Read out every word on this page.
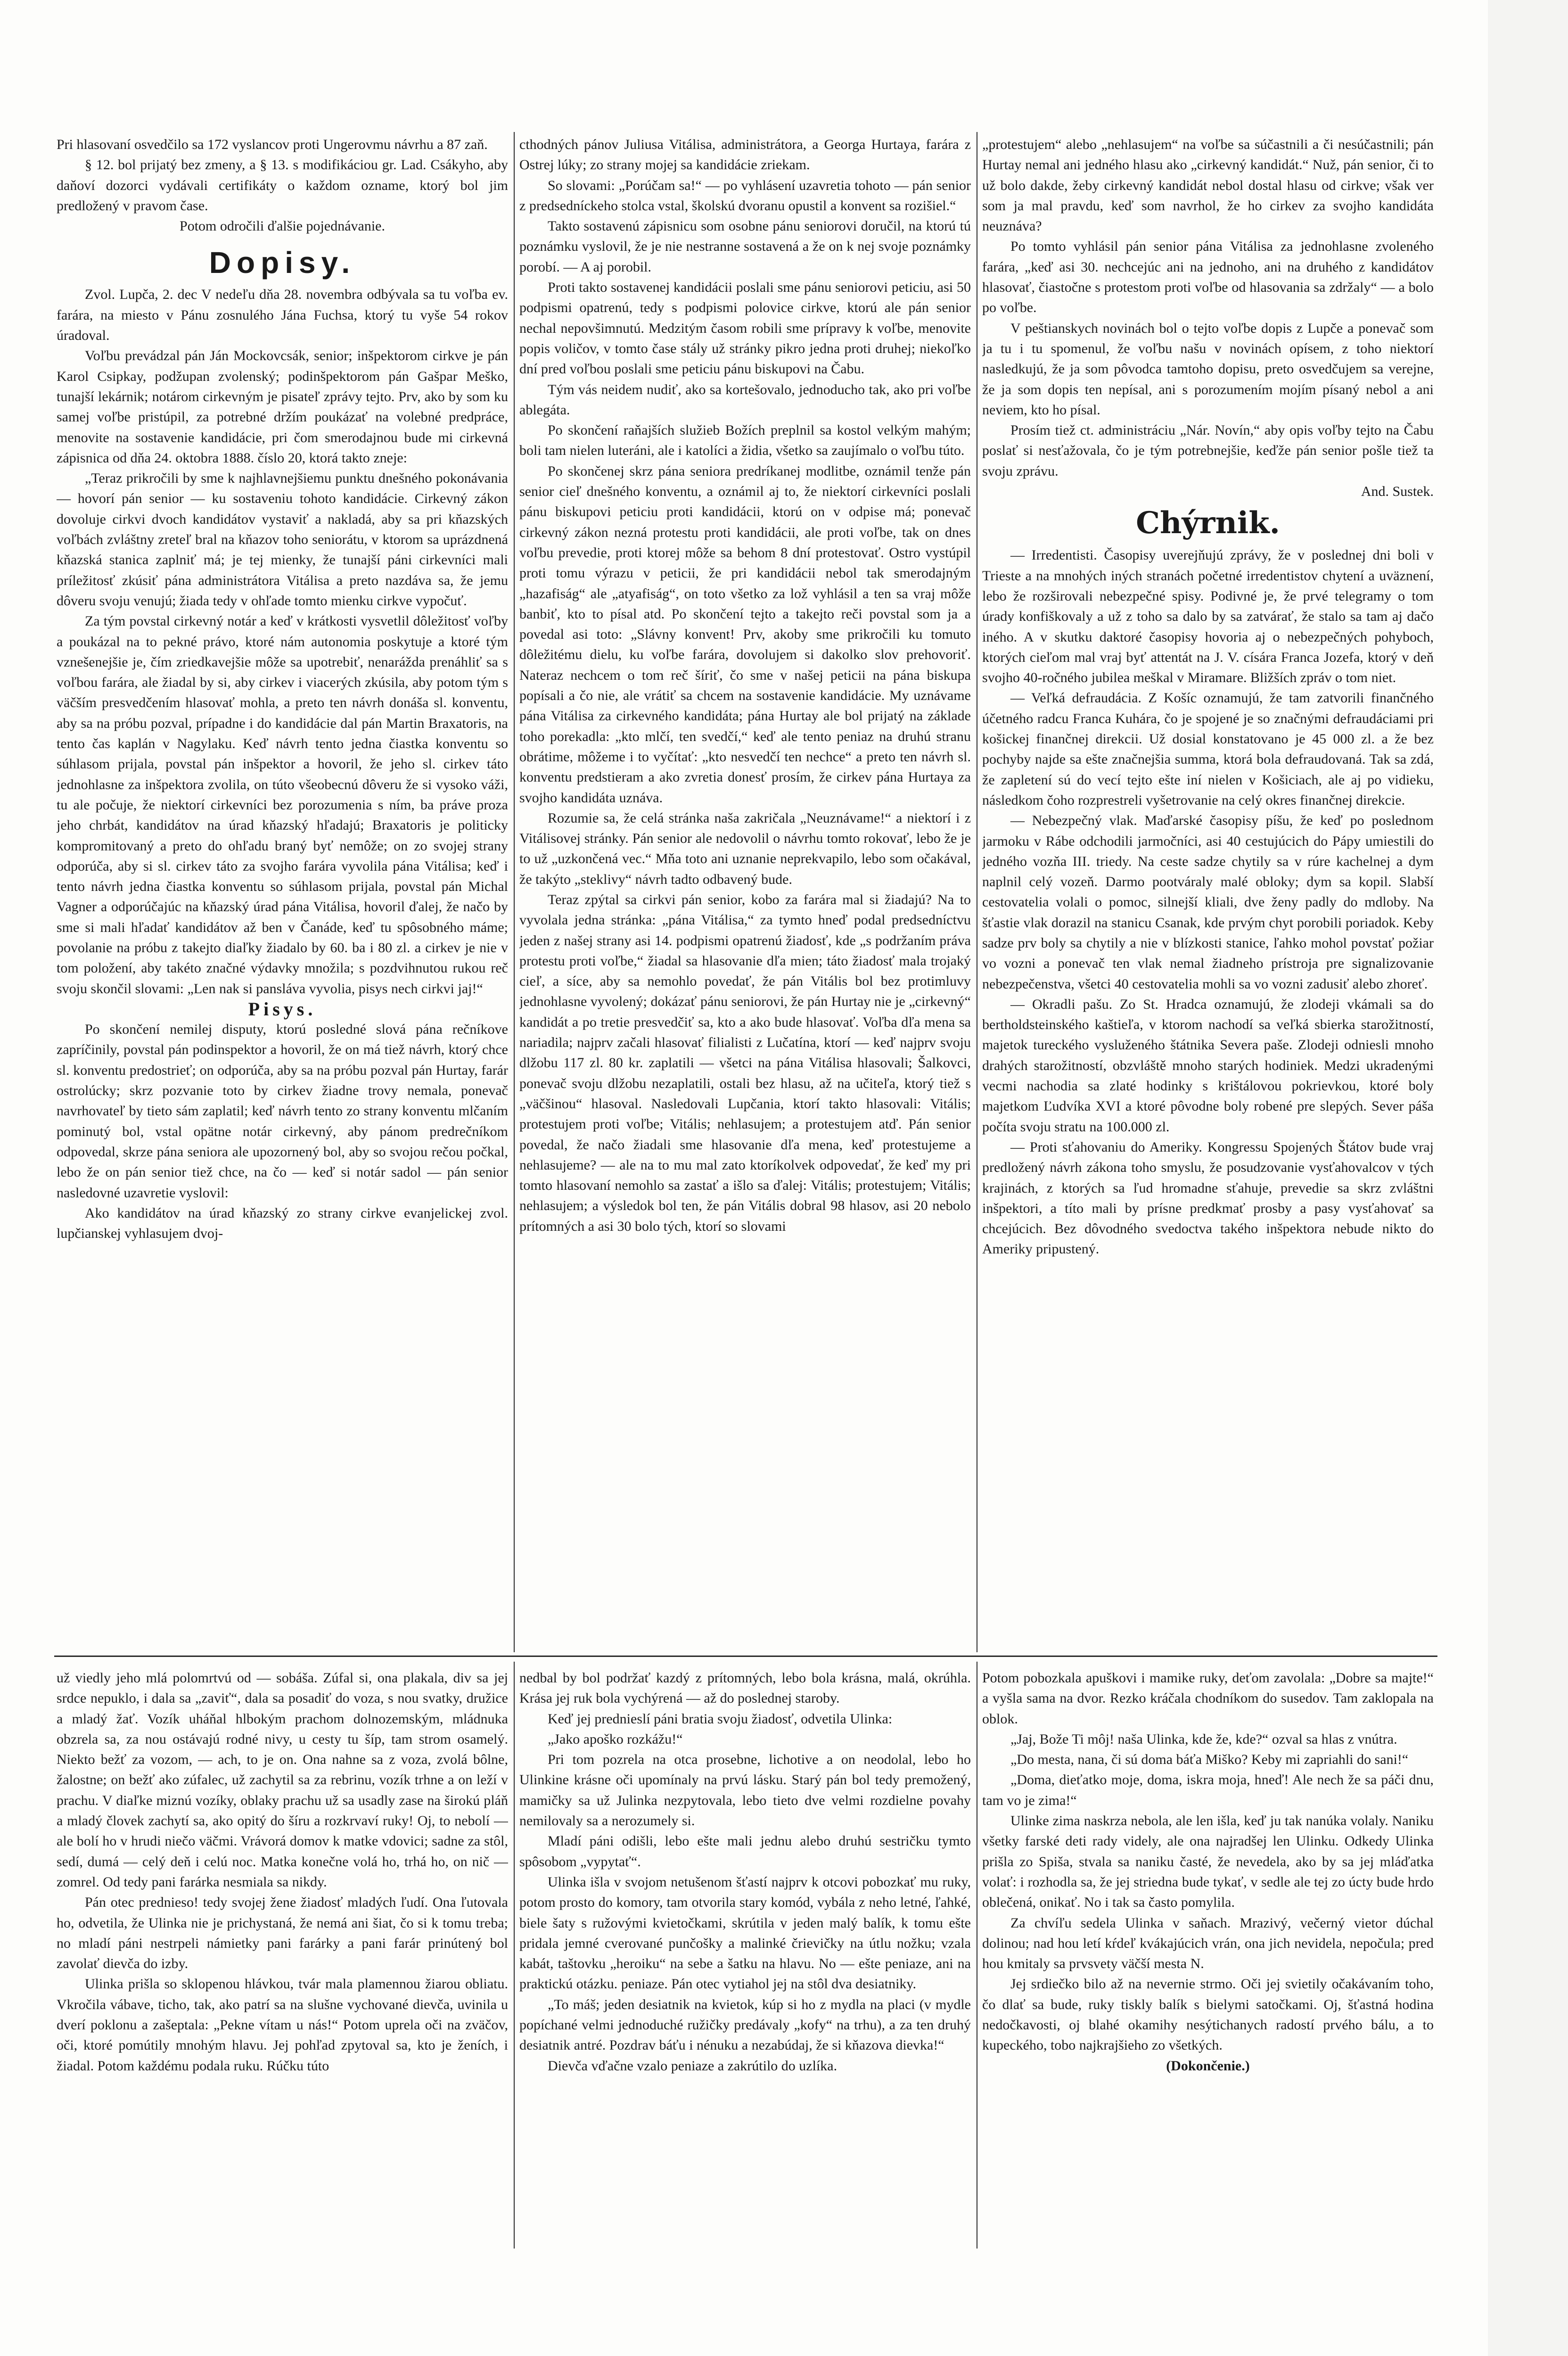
Pri hlasovaní osvedčilo sa 172 vyslancov proti Ungerovmu návrhu a 87 zaň.

§ 12. bol prijatý bez zmeny, a § 13. s modifikáciou gr. Lad. Csákyho, aby daňoví dozorci vydávali certifikáty o každom ozname, ktorý bol jim predložený v pravom čase.

Potom odročili ďalšie pojednávanie.

Dopisy.

Zvol. Lupča, 2. dec V nedeľu dňa 28. novembra odbývala sa tu voľba ev. farára, na miesto v Pánu zosnulého Jána Fuchsa, ktorý tu vyše 54 rokov úradoval.

Voľbu prevádzal pán Ján Mockovcsák, senior; inšpektorom cirkve je pán Karol Csipkay, podžupan zvolenský; podinšpektorom pán Gašpar Meško, tunajší lekárnik; notárom cirkevným je pisateľ zprávy tejto. Prv, ako by som ku samej voľbe pristúpil, za potrebné držím poukázať na volebné predpráce, menovite na sostavenie kandidácie, pri čom smerodajnou bude mi cirkevná zápisnica od dňa 24. oktobra 1888. číslo 20, ktorá takto zneje:

„Teraz prikročili by sme k najhlavnejšiemu punktu dnešného pokonávania — hovorí pán senior — ku sostaveniu tohoto kandidácie. Cirkevný zákon dovoluje cirkvi dvoch kandidátov vystaviť a nakladá, aby sa pri kňazských voľbách zvláštny zreteľ bral na kňazov toho seniorátu, v ktorom sa uprázdnená kňazská stanica zaplniť má; je tej mienky, že tunajší páni cirkevníci mali príležitosť zkúsiť pána administrátora Vitálisa a preto nazdáva sa, že jemu dôveru svoju venujú; žiada tedy v ohľade tomto mienku cirkve vypočuť.

Za tým povstal cirkevný notár a keď v krátkosti vysvetlil dôležitosť voľby a poukázal na to pekné právo, ktoré nám autonomia poskytuje a ktoré tým vznešenejšie je, čím zriedkavejšie môže sa upotrebiť, nenarážda prenáhliť sa s voľbou farára, ale žiadal by si, aby cirkev i viacerých zkúsila, aby potom tým s väčším presvedčením hlasovať mohla, a preto ten návrh donáša sl. konventu, aby sa na próbu pozval, prípadne i do kandidácie dal pán Martin Braxatoris, na tento čas kaplán v Nagylaku. Keď návrh tento jedna čiastka konventu so súhlasom prijala, povstal pán inšpektor a hovoril, že jeho sl. cirkev táto jednohlasne za inšpektora zvolila, on túto všeobecnú dôveru že si vysoko váži, tu ale počuje, že niektorí cirkevníci bez porozumenia s ním, ba práve proza jeho chrbát, kandidátov na úrad kňazský hľadajú; Braxatoris je politicky kompromitovaný a preto do ohľadu braný byť nemôže; on zo svojej strany odporúča, aby si sl. cirkev táto za svojho farára vyvolila pána Vitálisa; keď i tento návrh jedna čiastka konventu so súhlasom prijala, povstal pán Michal Vagner a odporúčajúc na kňazský úrad pána Vitálisa, hovoril ďalej, že načo by sme si mali hľadať kandidátov až ben v Čanáde, keď tu spôsobného máme; povolanie na próbu z takejto diaľky žiadalo by 60. ba i 80 zl. a cirkev je nie v tom položení, aby takéto značné výdavky množila; s pozdvihnutou rukou reč svoju skončil slovami: „Len nak si pansláva vyvolia, pisys nech cirkvi jaj!“

Pisys.

Po skončení nemilej disputy, ktorú posledné slová pána rečníkove zapríčinily, povstal pán podinspektor a hovoril, že on má tiež návrh, ktorý chce sl. konventu predostrieť; on odporúča, aby sa na próbu pozval pán Hurtay, farár ostrolúcky; skrz pozvanie toto by cirkev žiadne trovy nemala, ponevač navrhovateľ by tieto sám zaplatil; keď návrh tento zo strany konventu mlčaním pominutý bol, vstal opätne notár cirkevný, aby pánom predrečníkom odpovedal, skrze pána seniora ale upozornený bol, aby so svojou rečou počkal, lebo že on pán senior tiež chce, na čo — keď si notár sadol — pán senior nasledovné uzavretie vyslovil:

Ako kandidátov na úrad kňazský zo strany cirkve evanjelickej zvol. lupčianskej vyhlasujem dvoj-

cthodných pánov Juliusa Vitálisa, administrátora, a Georga Hurtaya, farára z Ostrej lúky; zo strany mojej sa kandidácie zriekam.

So slovami: „Porúčam sa!“ — po vyhlásení uzavretia tohoto — pán senior z predsedníckeho stolca vstal, školskú dvoranu opustil a konvent sa rozišiel.“

Takto sostavenú zápisnicu som osobne pánu seniorovi doručil, na ktorú tú poznámku vyslovil, že je nie nestranne sostavená a že on k nej svoje poznámky porobí. — A aj porobil.

Proti takto sostavenej kandidácii poslali sme pánu seniorovi peticiu, asi 50 podpismi opatrenú, tedy s podpismi polovice cirkve, ktorú ale pán senior nechal nepovšimnutú. Medzitým časom robili sme prípravy k voľbe, menovite popis voličov, v tomto čase stály už stránky pikro jedna proti druhej; niekoľko dní pred voľbou poslali sme peticiu pánu biskupovi na Čabu.

Tým vás neidem nudiť, ako sa kortešovalo, jednoducho tak, ako pri voľbe ablegáta.

Po skončení raňajších služieb Božích preplnil sa kostol velkým mahým; boli tam nielen luteráni, ale i katolíci a židia, všetko sa zaujímalo o voľbu túto.

Po skončenej skrz pána seniora predríkanej modlitbe, oznámil tenže pán senior cieľ dnešného konventu, a oznámil aj to, že niektorí cirkevníci poslali pánu biskupovi peticiu proti kandidácii, ktorú on v odpise má; ponevač cirkevný zákon nezná protestu proti kandidácii, ale proti voľbe, tak on dnes voľbu prevedie, proti ktorej môže sa behom 8 dní protestovať. Ostro vystúpil proti tomu výrazu v peticii, že pri kandidácii nebol tak smerodajným „hazafiság“ ale „atyafiság“, on toto všetko za lož vyhlásil a ten sa vraj môže banbiť, kto to písal atd. Po skončení tejto a takejto reči povstal som ja a povedal asi toto: „Slávny konvent! Prv, akoby sme prikročili ku tomuto dôležitému dielu, ku voľbe farára, dovolujem si dakolko slov prehovoriť. Nateraz nechcem o tom reč šíriť, čo sme v našej peticii na pána biskupa popísali a čo nie, ale vrátiť sa chcem na sostavenie kandidácie. My uznávame pána Vitálisa za cirkevného kandidáta; pána Hurtay ale bol prijatý na základe toho porekadla: „kto mlčí, ten svedčí,“ keď ale tento peniaz na druhú stranu obrátime, môžeme i to vyčítať: „kto nesvedčí ten nechce“ a preto ten návrh sl. konventu predstieram a ako zvretia donesť prosím, že cirkev pána Hurtaya za svojho kandidáta uznáva.

Rozumie sa, že celá stránka naša zakričala „Neuznávame!“ a niektorí i z Vitálisovej stránky. Pán senior ale nedovolil o návrhu tomto rokovať, lebo že je to už „uzkončená vec.“ Mňa toto ani uznanie neprekvapilo, lebo som očakával, že takýto „steklivy“ návrh tadto odbavený bude.

Teraz zpýtal sa cirkvi pán senior, kobo za farára mal si žiadajú? Na to vyvolala jedna stránka: „pána Vitálisa,“ za tymto hneď podal predsedníctvu jeden z našej strany asi 14. podpismi opatrenú žiadosť, kde „s podržaním práva protestu proti voľbe,“ žiadal sa hlasovanie dľa mien; táto žiadosť mala trojaký cieľ, a síce, aby sa nemohlo povedať, že pán Vitális bol bez protimluvy jednohlasne vyvolený; dokázať pánu seniorovi, že pán Hurtay nie je „cirkevný“ kandidát a po tretie presvedčiť sa, kto a ako bude hlasovať. Voľba dľa mena sa nariadila; najprv začali hlasovať filialisti z Lučatína, ktorí — keď najprv svoju dlžobu 117 zl. 80 kr. zaplatili — všetci na pána Vitálisa hlasovali; Šalkovci, ponevač svoju dlžobu nezaplatili, ostali bez hlasu, až na učiteľa, ktorý tiež s „väčšinou“ hlasoval. Nasledovali Lupčania, ktorí takto hlasovali: Vitális; protestujem proti voľbe; Vitális; nehlasujem; a protestujem atď. Pán senior povedal, že načo žiadali sme hlasovanie dľa mena, keď protestujeme a nehlasujeme? — ale na to mu mal zato ktoríkolvek odpovedať, že keď my pri tomto hlasovaní nemohlo sa zastať a išlo sa ďalej: Vitális; protestujem; Vitális; nehlasujem; a výsledok bol ten, že pán Vitális dobral 98 hlasov, asi 20 nebolo prítomných a asi 30 bolo tých, ktorí so slovami

„protestujem“ alebo „nehlasujem“ na voľbe sa súčastnili a či nesúčastnili; pán Hurtay nemal ani jedného hlasu ako „cirkevný kandidát.“ Nuž, pán senior, či to už bolo dakde, žeby cirkevný kandidát nebol dostal hlasu od cirkve; však ver som ja mal pravdu, keď som navrhol, že ho cirkev za svojho kandidáta neuznáva?

Po tomto vyhlásil pán senior pána Vitálisa za jednohlasne zvoleného farára, „keď asi 30. nechcejúc ani na jednoho, ani na druhého z kandidátov hlasovať, čiastočne s protestom proti voľbe od hlasovania sa zdržaly“ — a bolo po voľbe.

V peštianskych novinách bol o tejto voľbe dopis z Lupče a ponevač som ja tu i tu spomenul, že voľbu našu v novinách opísem, z toho niektorí nasledkujú, že ja som pôvodca tamtoho dopisu, preto osvedčujem sa verejne, že ja som dopis ten nepísal, ani s porozumením mojím písaný nebol a ani neviem, kto ho písal.

Prosím tiež ct. administráciu „Nár. Novín,“ aby opis voľby tejto na Čabu poslať si nesťažovala, čo je tým potrebnejšie, keďže pán senior pošle tiež ta svoju zprávu.

And. Sustek.

Chýrnik.

— Irredentisti. Časopisy uverejňujú zprávy, že v poslednej dni boli v Trieste a na mnohých iných stranách početné irredentistov chytení a uväznení, lebo že rozširovali nebezpečné spisy. Podivné je, že prvé telegramy o tom úrady konfiškovaly a už z toho sa dalo by sa zatvárať, že stalo sa tam aj dačo iného. A v skutku daktoré časopisy hovoria aj o nebezpečných pohyboch, ktorých cieľom mal vraj byť attentát na J. V. císára Franca Jozefa, ktorý v deň svojho 40-ročného jubilea meškal v Miramare. Bližších zpráv o tom niet.

— Veľká defraudácia. Z Košíc oznamujú, že tam zatvorili finančného účetného radcu Franca Kuhára, čo je spojené je so značnými defraudáciami pri košickej finančnej direkcii. Už dosial konstatovano je 45 000 zl. a že bez pochyby najde sa ešte značnejšia summa, ktorá bola defraudovaná. Tak sa zdá, že zapletení sú do vecí tejto ešte iní nielen v Košiciach, ale aj po vidieku, následkom čoho rozprestreli vyšetrovanie na celý okres finančnej direkcie.

— Nebezpečný vlak. Maďarské časopisy píšu, že keď po poslednom jarmoku v Rábe odchodili jarmočníci, asi 40 cestujúcich do Pápy umiestili do jedného vozňa III. triedy. Na ceste sadze chytily sa v rúre kachelnej a dym naplnil celý vozeň. Darmo pootváraly malé obloky; dym sa kopil. Slabší cestovatelia volali o pomoc, silnejší kliali, dve ženy padly do mdloby. Na šťastie vlak dorazil na stanicu Csanak, kde prvým chyt porobili poriadok. Keby sadze prv boly sa chytily a nie v blízkosti stanice, ľahko mohol povstať požiar vo vozni a ponevač ten vlak nemal žiadneho prístroja pre signalizovanie nebezpečenstva, všetci 40 cestovatelia mohli sa vo vozni zadusiť alebo zhoreť.

— Okradli pašu. Zo St. Hradca oznamujú, že zlodeji vkámali sa do bertholdsteinského kaštieľa, v ktorom nachodí sa veľká sbierka starožitností, majetok tureckého vysluženého štátnika Severa paše. Zlodeji odniesli mnoho drahých starožitností, obzvláště mnoho starých hodiniek. Medzi ukradenými vecmi nachodia sa zlaté hodinky s krištálovou pokrievkou, ktoré boly majetkom Ľudvíka XVI a ktoré pôvodne boly robené pre slepých. Sever páša počíta svoju stratu na 100.000 zl.

— Proti sťahovaniu do Ameriky. Kongressu Spojených Štátov bude vraj predložený návrh zákona toho smyslu, že posudzovanie vysťahovalcov v tých krajinách, z ktorých sa ľud hromadne sťahuje, prevedie sa skrz zvláštni inšpektori, a títo mali by prísne predkmať prosby a pasy vysťahovať sa chcejúcich. Bez dôvodného svedoctva takého inšpektora nebude nikto do Ameriky pripustený.

už viedly jeho mlá polomrtvú od — sobáša. Zúfal si, ona plakala, div sa jej srdce nepuklo, i dala sa „zaviť“, dala sa posadiť do voza, s nou svatky, družice a mladý žať. Vozík uháňal hlbokým prachom dolnozemským, mládnuka obzrela sa, za nou ostávajú rodné nivy, u cesty tu šíp, tam strom osamelý. Niekto bežť za vozom, — ach, to je on. Ona nahne sa z voza, zvolá bôlne, žalostne; on bežť ako zúfalec, už zachytil sa za rebrinu, vozík trhne a on leží v prachu. V diaľke miznú vozíky, oblaky prachu už sa usadly zase na širokú pláň a mladý človek zachytí sa, ako opitý do šíru a rozkrvaví ruky! Oj, to nebolí — ale bolí ho v hrudi niečo väčmi. Vrávorá domov k matke vdovici; sadne za stôl, sedí, dumá — celý deň i celú noc. Matka konečne volá ho, trhá ho, on nič — zomrel. Od tedy pani farárka nesmiala sa nikdy.

Pán otec prednieso! tedy svojej žene žiadosť mladých ľudí. Ona ľutovala ho, odvetila, že Ulinka nie je prichystaná, že nemá ani šiat, čo si k tomu treba; no mladí páni nestrpeli námietky pani farárky a pani farár prinútený bol zavolať dievča do izby.

Ulinka prišla so sklopenou hlávkou, tvár mala plamennou žiarou obliatu. Vkročila vábave, ticho, tak, ako patrí sa na slušne vychované dievča, uvinila u dverí poklonu a zašeptala: „Pekne vítam u nás!“ Potom uprela oči na zväčov, oči, ktoré pomútily mnohým hlavu. Jej pohľad zpytoval sa, kto je ženích, i žiadal. Potom každému podala ruku. Rúčku túto

nedbal by bol podržať kazdý z prítomných, lebo bola krásna, malá, okrúhla. Krása jej ruk bola vychýrená — až do poslednej staroby.

Keď jej prednieslí páni bratia svoju žiadosť, odvetila Ulinka:

„Jako apoško rozkážu!“

Pri tom pozrela na otca prosebne, lichotive a on neodolal, lebo ho Ulinkine krásne oči upomínaly na prvú lásku. Starý pán bol tedy premožený, mamičky sa už Julinka nezpytovala, lebo tieto dve velmi rozdielne povahy nemilovaly sa a nerozumely si.

Mladí páni odišli, lebo ešte mali jednu alebo druhú sestričku tymto spôsobom „vypytať“.

Ulinka išla v svojom netušenom šťastí najprv k otcovi pobozkať mu ruky, potom prosto do komory, tam otvorila stary komód, vybála z neho letné, ľahké, biele šaty s ružovými kvietočkami, skrútila v jeden malý balík, k tomu ešte pridala jemné cverované punčošky a malinké črievičky na útlu nožku; vzala kabát, taštovku „heroiku“ na sebe a šatku na hlavu. No — ešte peniaze, ani na praktickú otázku. peniaze. Pán otec vytiahol jej na stôl dva desiatniky.

„To máš; jeden desiatnik na kvietok, kúp si ho z mydla na placi (v mydle popíchané velmi jednoduché ružičky predávaly „kofy“ na trhu), a za ten druhý desiatnik antré. Pozdrav báťu i nénuku a nezabúdaj, že si kňazova dievka!“

Dievča vďačne vzalo peniaze a zakrútilo do uzlíka.

Potom pobozkala apuškovi i mamike ruky, deťom zavolala: „Dobre sa majte!“ a vyšla sama na dvor. Rezko kráčala chodníkom do susedov. Tam zaklopala na oblok.

„Jaj, Bože Ti môj! naša Ulinka, kde že, kde?“ ozval sa hlas z vnútra.

„Do mesta, nana, či sú doma báťa Miško? Keby mi zapriahli do sani!“

„Doma, dieťatko moje, doma, iskra moja, hneď! Ale nech že sa páči dnu, tam vo je zima!“

Ulinke zima naskrza nebola, ale len išla, keď ju tak nanúka volaly. Naniku všetky farské deti rady videly, ale ona najradšej len Ulinku. Odkedy Ulinka prišla zo Spiša, stvala sa naniku časté, že nevedela, ako by sa jej mláďatka volať: i rozhodla sa, že jej striedna bude tykať, v sedle ale tej zo úcty bude hrdo oblečená, onikať. No i tak sa často pomylila.

Za chvíľu sedela Ulinka v saňach. Mrazivý, večerný vietor dúchal dolinou; nad hou letí kŕdeľ kvákajúcich vrán, ona jich nevidela, nepočula; pred hou kmitaly sa prvsvety väčší mesta N.

Jej srdiečko bilo až na nevernie strmo. Oči jej svietily očakávaním toho, čo dlať sa bude, ruky tiskly balík s bielymi satočkami. Oj, šťastná hodina nedočkavosti, oj blahé okamihy nesýtichanych radostí prvého bálu, a to kupeckého, tobo najkrajšieho zo všetkých.

(Dokončenie.)
